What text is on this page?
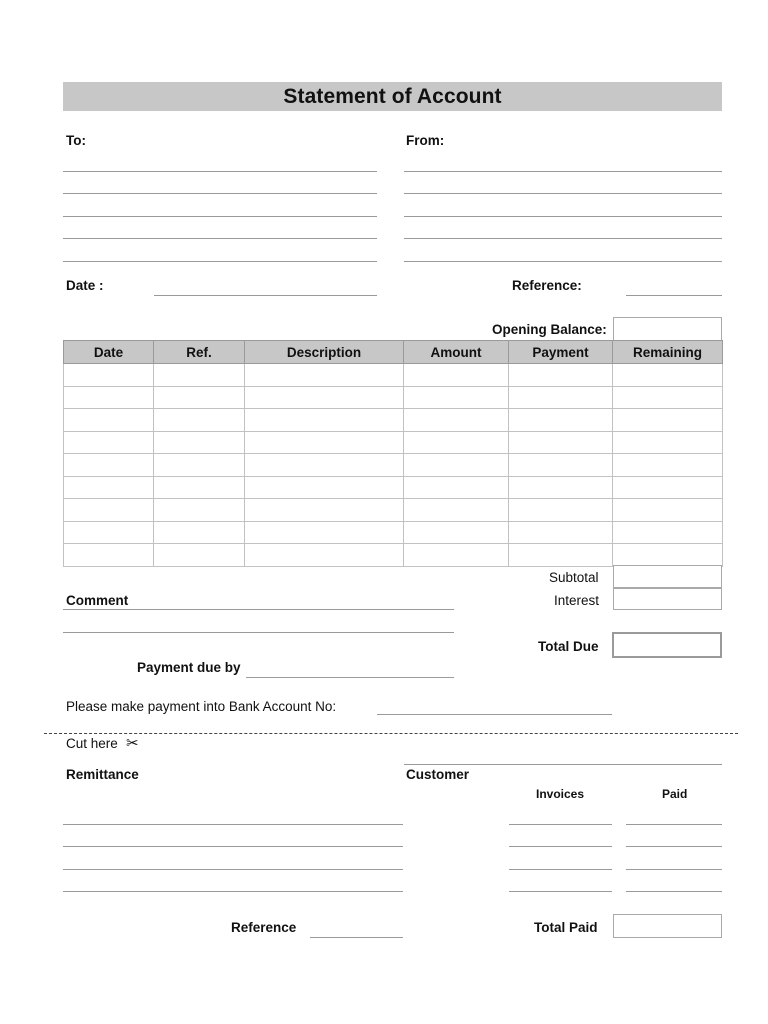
Statement of Account
To:	From:
Date :	Reference:
Opening Balance:
Date	Ref.	Description	Amount	Payment	Remaining

Subtotal
Interest
Comment
Total Due
Payment due by
Please make payment into Bank Account No:
Cut here ✂
Remittance	Customer
Invoices	Paid
Reference	Total Paid
